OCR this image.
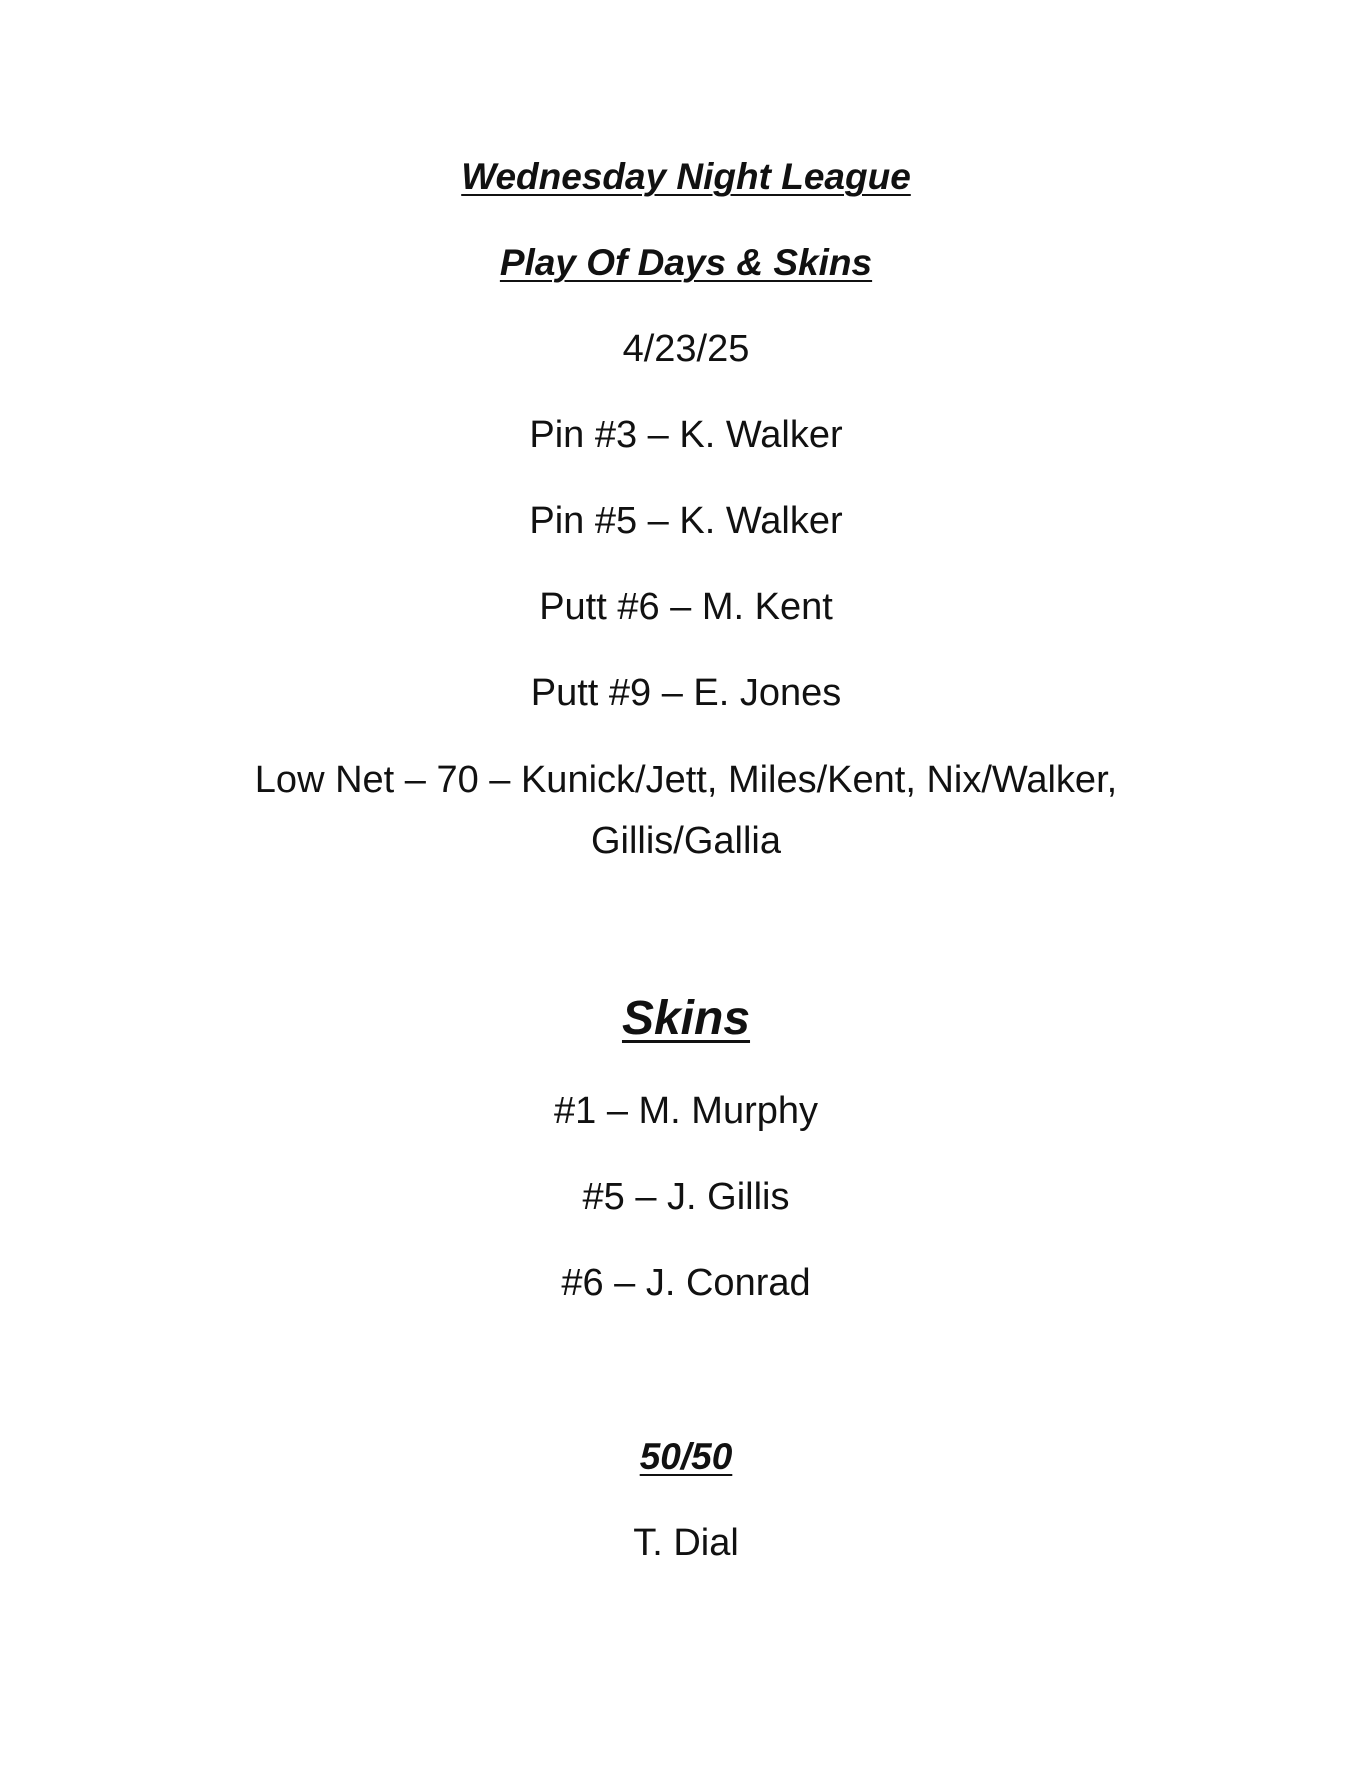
Wednesday Night League

Play Of Days & Skins

4/23/25

Pin #3 – K. Walker

Pin #5 – K. Walker

Putt #6 – M. Kent

Putt #9 – E. Jones

Low Net – 70 – Kunick/Jett, Miles/Kent, Nix/Walker,

Gillis/Gallia

Skins

#1 – M. Murphy

#5 – J. Gillis

#6 – J. Conrad

50/50

T. Dial
